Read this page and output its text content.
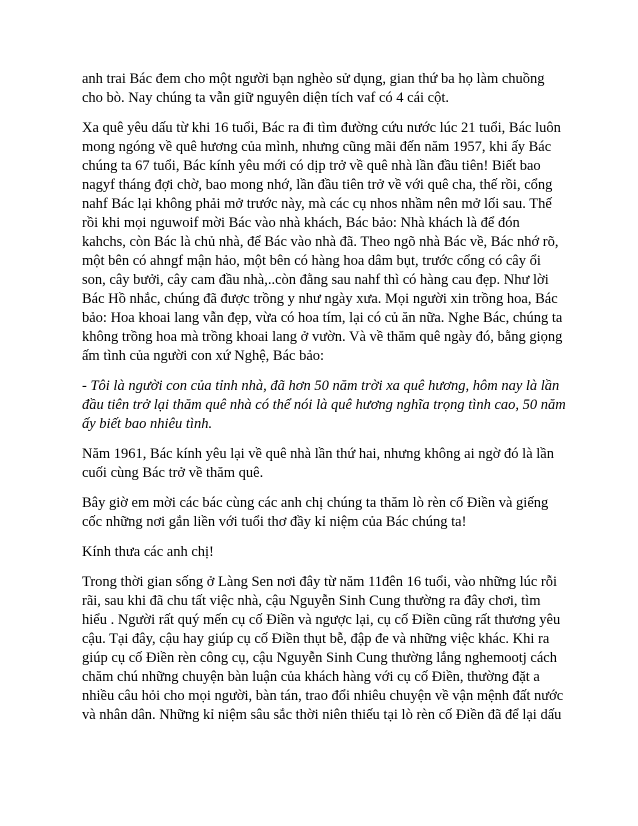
anh trai Bác đem cho một người bạn nghèo sử dụng, gian thứ ba họ làm chuồng
cho bò. Nay chúng ta vẫn giữ nguyên diện tích vaf có 4 cái cột.

Xa quê yêu dấu từ khi 16 tuổi, Bác ra đi tìm đường cứu nước lúc 21 tuổi, Bác luôn
mong ngóng về quê hương của mình, nhưng cũng mãi đến năm 1957, khi ấy Bác
chúng ta 67 tuổi, Bác kính yêu mới có dịp trở về quê nhà lần đầu tiên! Biết bao
nagyf tháng đợi chờ, bao mong nhớ, lần đầu tiên trở về với quê cha, thế rồi, cổng
nahf Bác lại không phải mở trước này, mà các cụ nhos nhầm nên mở lối sau. Thế
rồi khi mọi nguwoif mời Bác vào nhà khách, Bác bảo: Nhà khách là để đón
kahchs, còn Bác là chủ nhà, để Bác vào nhà đã. Theo ngõ nhà Bác về, Bác nhớ rõ,
một bên có ahngf mận hảo, một bên có hàng hoa dâm bụt, trước cổng có cây ổi
son, cây bưởi, cây cam đầu nhà,..còn đằng sau nahf thì có hàng cau đẹp. Như lời
Bác Hồ nhắc, chúng đã được trồng y như ngày xưa. Mọi người xin trồng hoa, Bác
bảo: Hoa khoai lang vẫn đẹp, vừa có hoa tím, lại có củ ăn nữa. Nghe Bác, chúng ta
không trồng hoa mà trồng khoai lang ở vườn. Và về thăm quê ngày đó, bằng giọng
ấm tình của người con xứ Nghệ, Bác bảo:

- Tôi là người con của tỉnh nhà, đã hơn 50 năm trời xa quê hương, hôm nay là lần
đầu tiên trở lại thăm quê nhà có thể nói là quê hương nghĩa trọng tình cao, 50 năm
ấy biết bao nhiêu tình.

Năm 1961, Bác kính yêu lại về quê nhà lần thứ hai, nhưng không ai ngờ đó là lần
cuối cùng Bác trở về thăm quê.

Bây giờ em mời các bác cùng các anh chị chúng ta thăm lò rèn cố Điền và giếng
cốc những nơi gắn liền với tuổi thơ đầy kỉ niệm của Bác chúng ta!

Kính thưa các anh chị!

Trong thời gian sống ở Làng Sen nơi đây từ năm 11đên 16 tuổi, vào những lúc rỗi
rãi, sau khi đã chu tất việc nhà, cậu Nguyễn Sinh Cung thường ra đây chơi, tìm
hiểu . Người rất quý mến cụ cố Điền và ngược lại, cụ cố Điền cũng rất thương yêu
cậu. Tại đây, cậu hay giúp cụ cố Điền thụt bễ, đập đe và những việc khác. Khi ra
giúp cụ cố Điền rèn công cụ, cậu Nguyễn Sinh Cung thường lắng nghemootj cách
chăm chú những chuyện bàn luận của khách hàng với cụ cố Điền, thường đặt a
nhiều câu hỏi cho mọi người, bàn tán, trao đổi nhiêu chuyện về vận mệnh đất nước
và nhân dân. Những kỉ niệm sâu sắc thời niên thiếu tại lò rèn cố Điền đã để lại dấu
